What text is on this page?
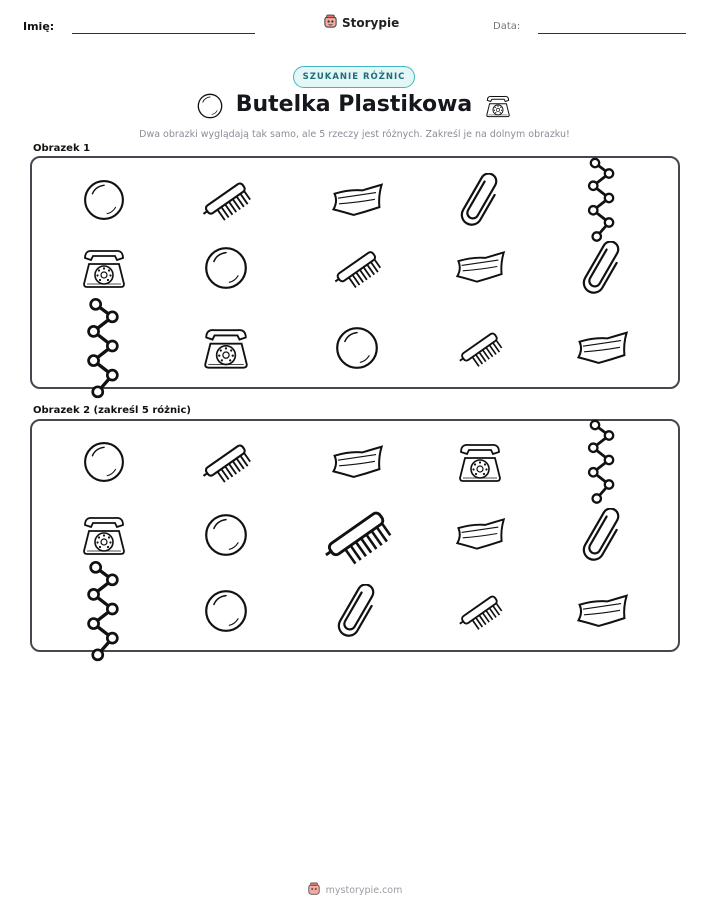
Imię:	Storypie	Data:
SZUKANIE RÓŻNIC
Butelka Plastikowa
Dwa obrazki wyglądają tak samo, ale 5 rzeczy jest różnych. Zakreśl je na dolnym obrazku!
Obrazek 1
Obrazek 2 (zakreśl 5 różnic)
mystorypie.com
